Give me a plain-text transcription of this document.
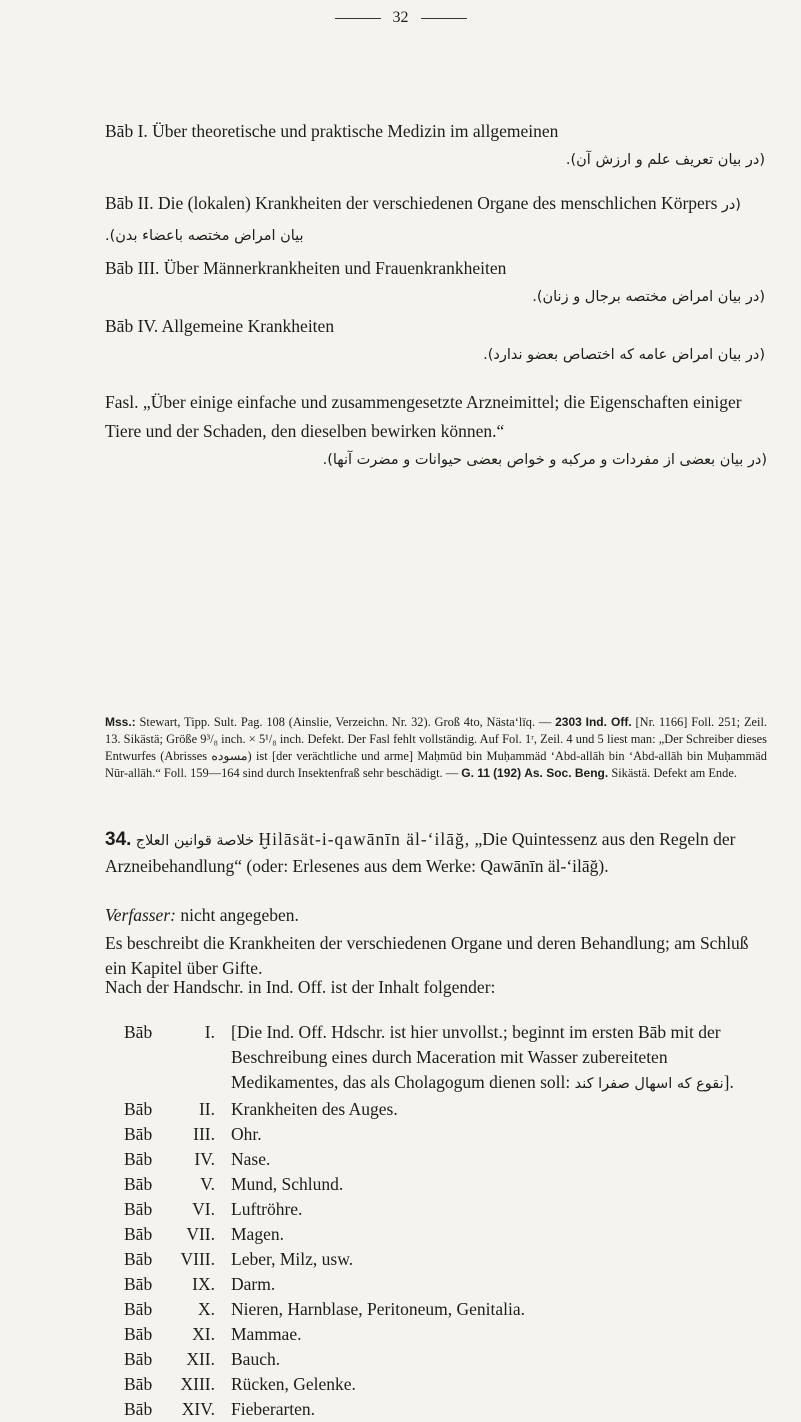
32
Bāb I. Über theoretische und praktische Medizin im allgemeinen
(در بيان تعريف علم و ارزش آن).
Bāb II. Die (lokalen) Krankheiten der verschiedenen Organe des menschlichen Körpers (در بيان امراض مختصه باعضاء بدن).
Bāb III. Über Männerkrankheiten und Frauenkrankheiten
(در بيان امراض مختصه برجال و زنان).
Bāb IV. Allgemeine Krankheiten
(در بيان امراض عامه كه اختصاص بعضو ندارد).
Fasl. „Über einige einfache und zusammengesetzte Arzneimittel; die Eigenschaften einiger Tiere und der Schaden, den dieselben bewirken können.“
(در بيان بعضی از مفردات و مركبه و خواص بعضی حيوانات و مضرت آنها).
Mss.: Stewart, Tipp. Sult. Pag. 108 (Ainslie, Verzeichn. Nr. 32). Groß 4to, Nästa‘līq. — 2303 Ind. Off. [Nr. 1166] Foll. 251; Zeil. 13. Sikästä; Größe 9³/₈ inch. × 5¹/₈ inch. Defekt. Der Fasl fehlt vollständig. Auf Fol. 1ʳ, Zeil. 4 und 5 liest man: „Der Schreiber dieses Entwurfes (Abrisses مسوده) ist [der verächtliche und arme] Maḥmūd bin Muḥammäd ‘Abd-allāh bin ‘Abd-allāh bin Muḥammäd Nūr-allāh.“ Foll. 159—164 sind durch Insektenfraß sehr beschädigt. — G. 11 (192) As. Soc. Beng. Sikästä. Defekt am Ende.
34. خلاصة قوانين العلاج Ḫilāsät-i-qawānīn äl-‘ilāğ, „Die Quintessenz aus den Regeln der Arzneibehandlung“ (oder: Erlesenes aus dem Werke: Qawānīn äl-‘ilāğ).
Verfasser: nicht angegeben.
Es beschreibt die Krankheiten der verschiedenen Organe und deren Behandlung; am Schluß ein Kapitel über Gifte.
Nach der Handschr. in Ind. Off. ist der Inhalt folgender:
Bāb	I. [Die Ind. Off. Hdschr. ist hier unvollst.; beginnt im ersten Bāb mit der Beschreibung eines durch Maceration mit Wasser zubereiteten Medikamentes, das als Cholagogum dienen soll: نقوع كه اسهال صفرا كند].
Bāb	II. Krankheiten des Auges.
Bāb	III. Ohr.
Bāb	IV. Nase.
Bāb	V. Mund, Schlund.
Bāb	VI. Luftröhre.
Bāb	VII. Magen.
Bāb	VIII. Leber, Milz, usw.
Bāb	IX. Darm.
Bāb	X. Nieren, Harnblase, Peritoneum, Genitalia.
Bāb	XI. Mammae.
Bāb	XII. Bauch.
Bāb	XIII. Rücken, Gelenke.
Bāb	XIV. Fieberarten.
